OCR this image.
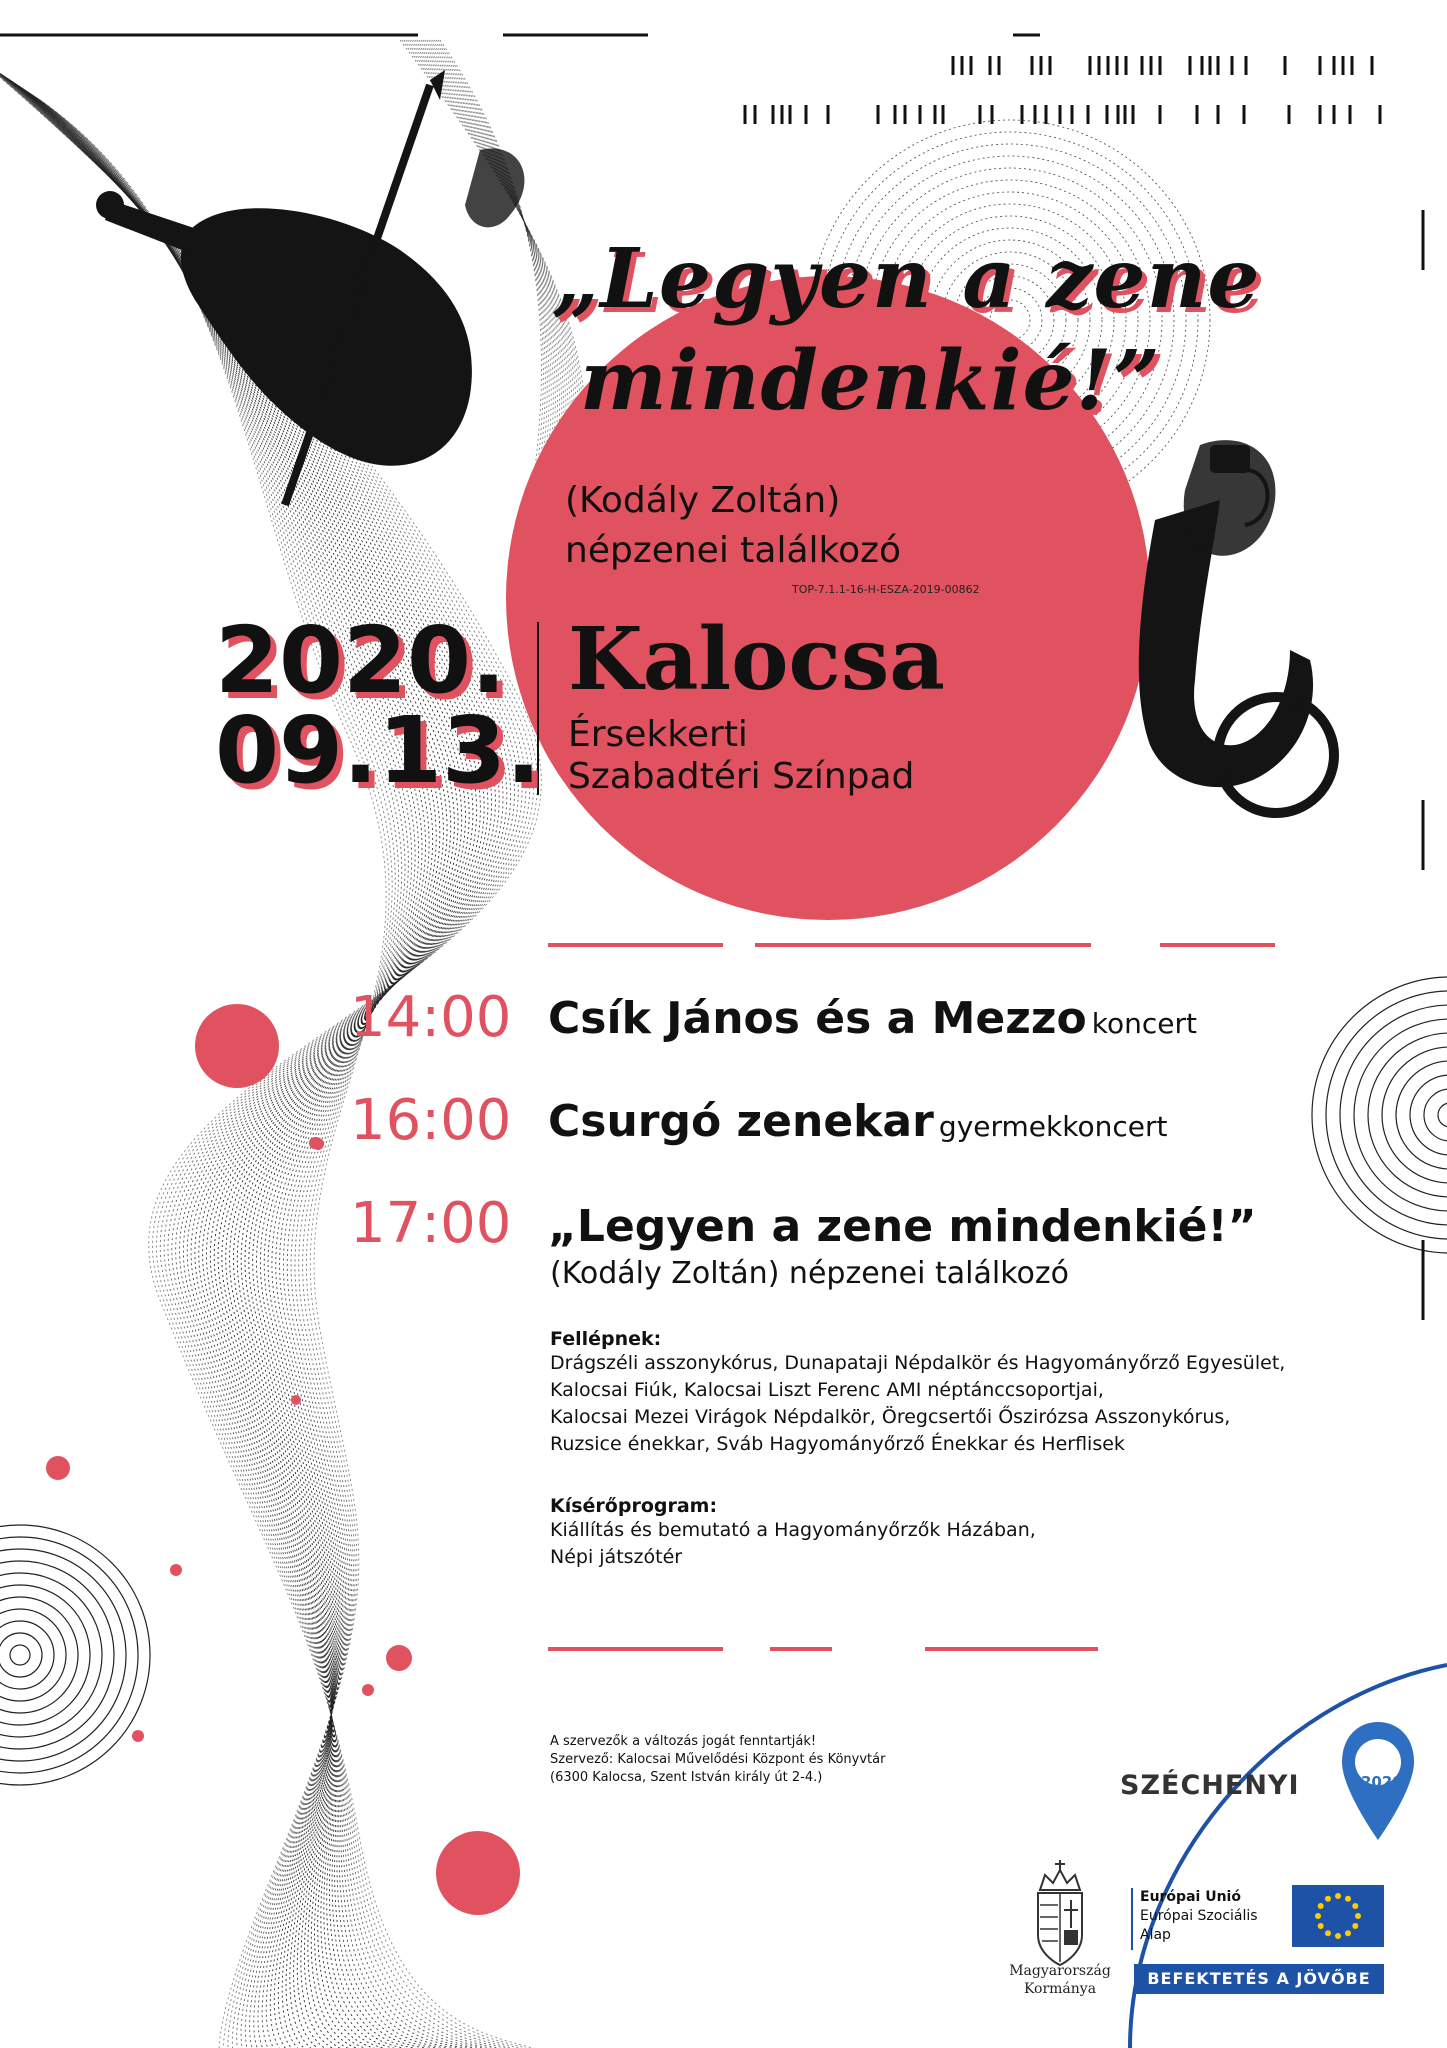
„Legyen a zene
mindenkié!”
(Kodály Zoltán)
népzenei találkozó
TOP-7.1.1-16-H-ESZA-2019-00862
2020.
09.13.
Kalocsa
Érsekkerti
Szabadtéri Színpad
14:00 Csík János és a Mezzo koncert
16:00 Csurgó zenekar gyermekkoncert
17:00 „Legyen a zene mindenkié!”
(Kodály Zoltán) népzenei találkozó
Fellépnek:
Drágszéli asszonykórus, Dunapataji Népdalkör és Hagyományőrző Egyesület,
Kalocsai Fiúk, Kalocsai Liszt Ferenc AMI néptánccsoportjai,
Kalocsai Mezei Virágok Népdalkör, Öregcsertői Őszirózsa Asszonykórus,
Ruzsice énekkar, Sváb Hagyományőrző Énekkar és Herflisek
Kísérőprogram:
Kiállítás és bemutató a Hagyományőrzők Házában,
Népi játszótér
A szervezők a változás jogát fenntartják!
Szervező: Kalocsai Művelődési Központ és Könyvtár
(6300 Kalocsa, Szent István király út 2-4.)	SZÉCHENYI	2020
Magyarország
Kormánya
Európai Unió
Európai Szociális
Alap
BEFEKTETÉS A JÖVŐBE
